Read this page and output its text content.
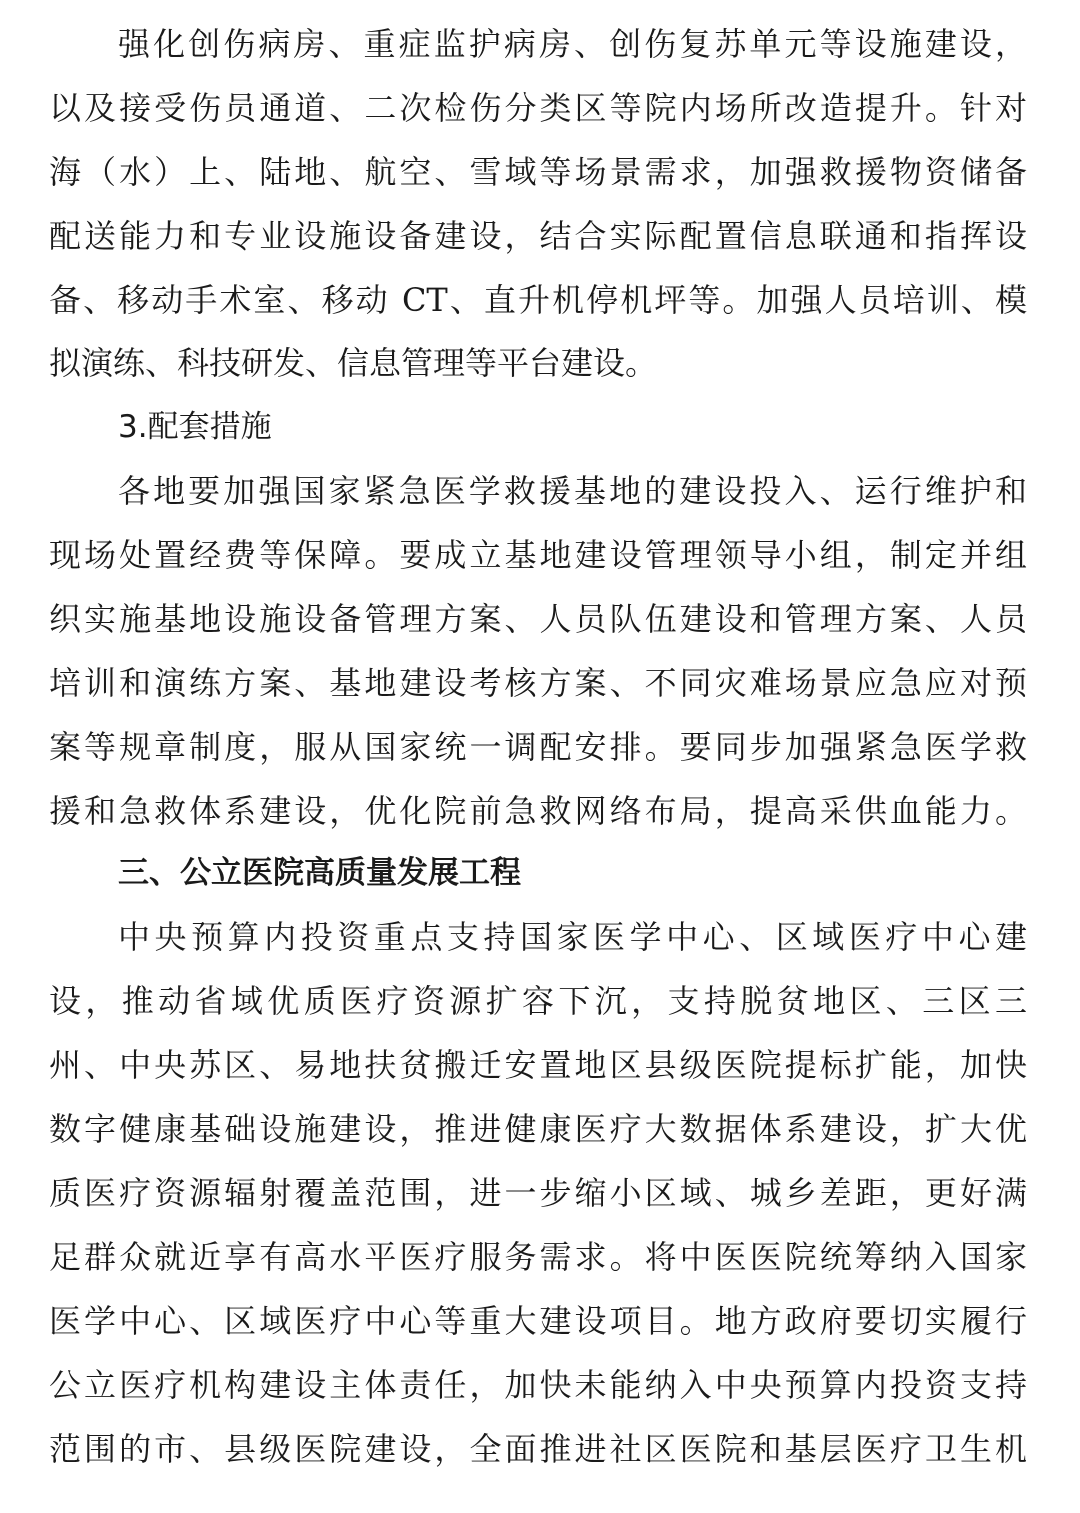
强化创伤病房、重症监护病房、创伤复苏单元等设施建设，
以及接受伤员通道、二次检伤分类区等院内场所改造提升。针对
海（水）上、陆地、航空、雪域等场景需求，加强救援物资储备
配送能力和专业设施设备建设，结合实际配置信息联通和指挥设
备、移动手术室、移动 CT、直升机停机坪等。加强人员培训、模
拟演练、科技研发、信息管理等平台建设。
3.配套措施
各地要加强国家紧急医学救援基地的建设投入、运行维护和
现场处置经费等保障。要成立基地建设管理领导小组，制定并组
织实施基地设施设备管理方案、人员队伍建设和管理方案、人员
培训和演练方案、基地建设考核方案、不同灾难场景应急应对预
案等规章制度，服从国家统一调配安排。要同步加强紧急医学救
援和急救体系建设，优化院前急救网络布局，提高采供血能力。
三、公立医院高质量发展工程
中央预算内投资重点支持国家医学中心、区域医疗中心建
设，推动省域优质医疗资源扩容下沉，支持脱贫地区、三区三
州、中央苏区、易地扶贫搬迁安置地区县级医院提标扩能，加快
数字健康基础设施建设，推进健康医疗大数据体系建设，扩大优
质医疗资源辐射覆盖范围，进一步缩小区域、城乡差距，更好满
足群众就近享有高水平医疗服务需求。将中医医院统筹纳入国家
医学中心、区域医疗中心等重大建设项目。地方政府要切实履行
公立医疗机构建设主体责任，加快未能纳入中央预算内投资支持
范围的市、县级医院建设，全面推进社区医院和基层医疗卫生机
